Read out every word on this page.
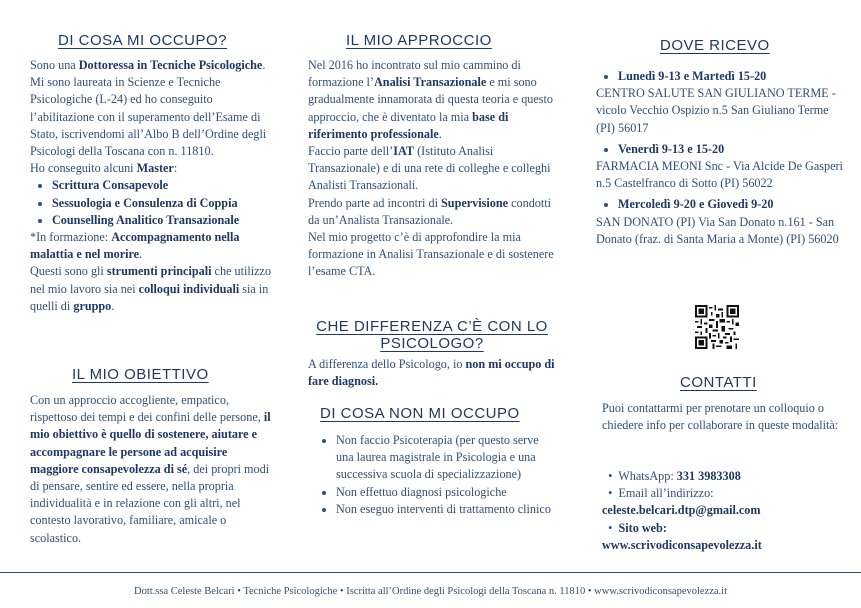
DI COSA MI OCCUPO?
Sono una Dottoressa in Tecniche Psicologiche. Mi sono laureata in Scienze e Tecniche Psicologiche (L-24) ed ho conseguito l’abilitazione con il superamento dell’Esame di Stato, iscrivendomi all’Albo B dell’Ordine degli Psicologi della Toscana con n. 11810.
Ho conseguito alcuni Master:
• Scrittura Consapevole
• Sessuologia e Consulenza di Coppia
• Counselling Analitico Transazionale
*In formazione: Accompagnamento nella malattia e nel morire.
Questi sono gli strumenti principali che utilizzo nel mio lavoro sia nei colloqui individuali sia in quelli di gruppo.
IL MIO OBIETTIVO
Con un approccio accogliente, empatico, rispettoso dei tempi e dei confini delle persone, il mio obiettivo è quello di sostenere, aiutare e accompagnare le persone ad acquisire maggiore consapevolezza di sé, dei propri modi di pensare, sentire ed essere, nella propria individualità e in relazione con gli altri, nel contesto lavorativo, familiare, amicale o scolastico.
IL MIO APPROCCIO
Nel 2016 ho incontrato sul mio cammino di formazione l’Analisi Transazionale e mi sono gradualmente innamorata di questa teoria e questo approccio, che è diventato la mia base di riferimento professionale.
Faccio parte dell’IAT (Istituto Analisi Transazionale) e di una rete di colleghe e colleghi Analisti Transazionali.
Prendo parte ad incontri di Supervisione condotti da un’Analista Transazionale.
Nel mio progetto c’è di approfondire la mia formazione in Analisi Transazionale e di sostenere l’esame CTA.
CHE DIFFERENZA C’È CON LO PSICOLOGO?
A differenza dello Psicologo, io non mi occupo di fare diagnosi.
DI COSA NON MI OCCUPO
• Non faccio Psicoterapia (per questo serve una laurea magistrale in Psicologia e una successiva scuola di specializzazione)
• Non effettuo diagnosi psicologiche
• Non eseguo interventi di trattamento clinico
DOVE RICEVO
• Lunedì 9-13 e Martedì 15-20
CENTRO SALUTE SAN GIULIANO TERME - vicolo Vecchio Ospizio n.5 San Giuliano Terme (PI) 56017
• Venerdì 9-13 e 15-20
FARMACIA MEONI Snc - Via Alcide De Gasperi n.5 Castelfranco di Sotto (PI) 56022
• Mercoledì 9-20 e Giovedì 9-20
SAN DONATO (PI) Via San Donato n.161 - San Donato (fraz. di Santa Maria a Monte) (PI) 56020
CONTATTI
Puoi contattarmi per prenotare un colloquio o chiedere info per collaborare in queste modalità:
•  WhatsApp: 331 3983308
•  Email all’indirizzo:
celeste.belcari.dtp@gmail.com
•  Sito web:
www.scrivodiconsapevolezza.it
Dott.ssa Celeste Belcari • Tecniche Psicologiche • Iscritta all’Ordine degli Psicologi della Toscana n. 11810 • www.scrivodiconsapevolezza.it
